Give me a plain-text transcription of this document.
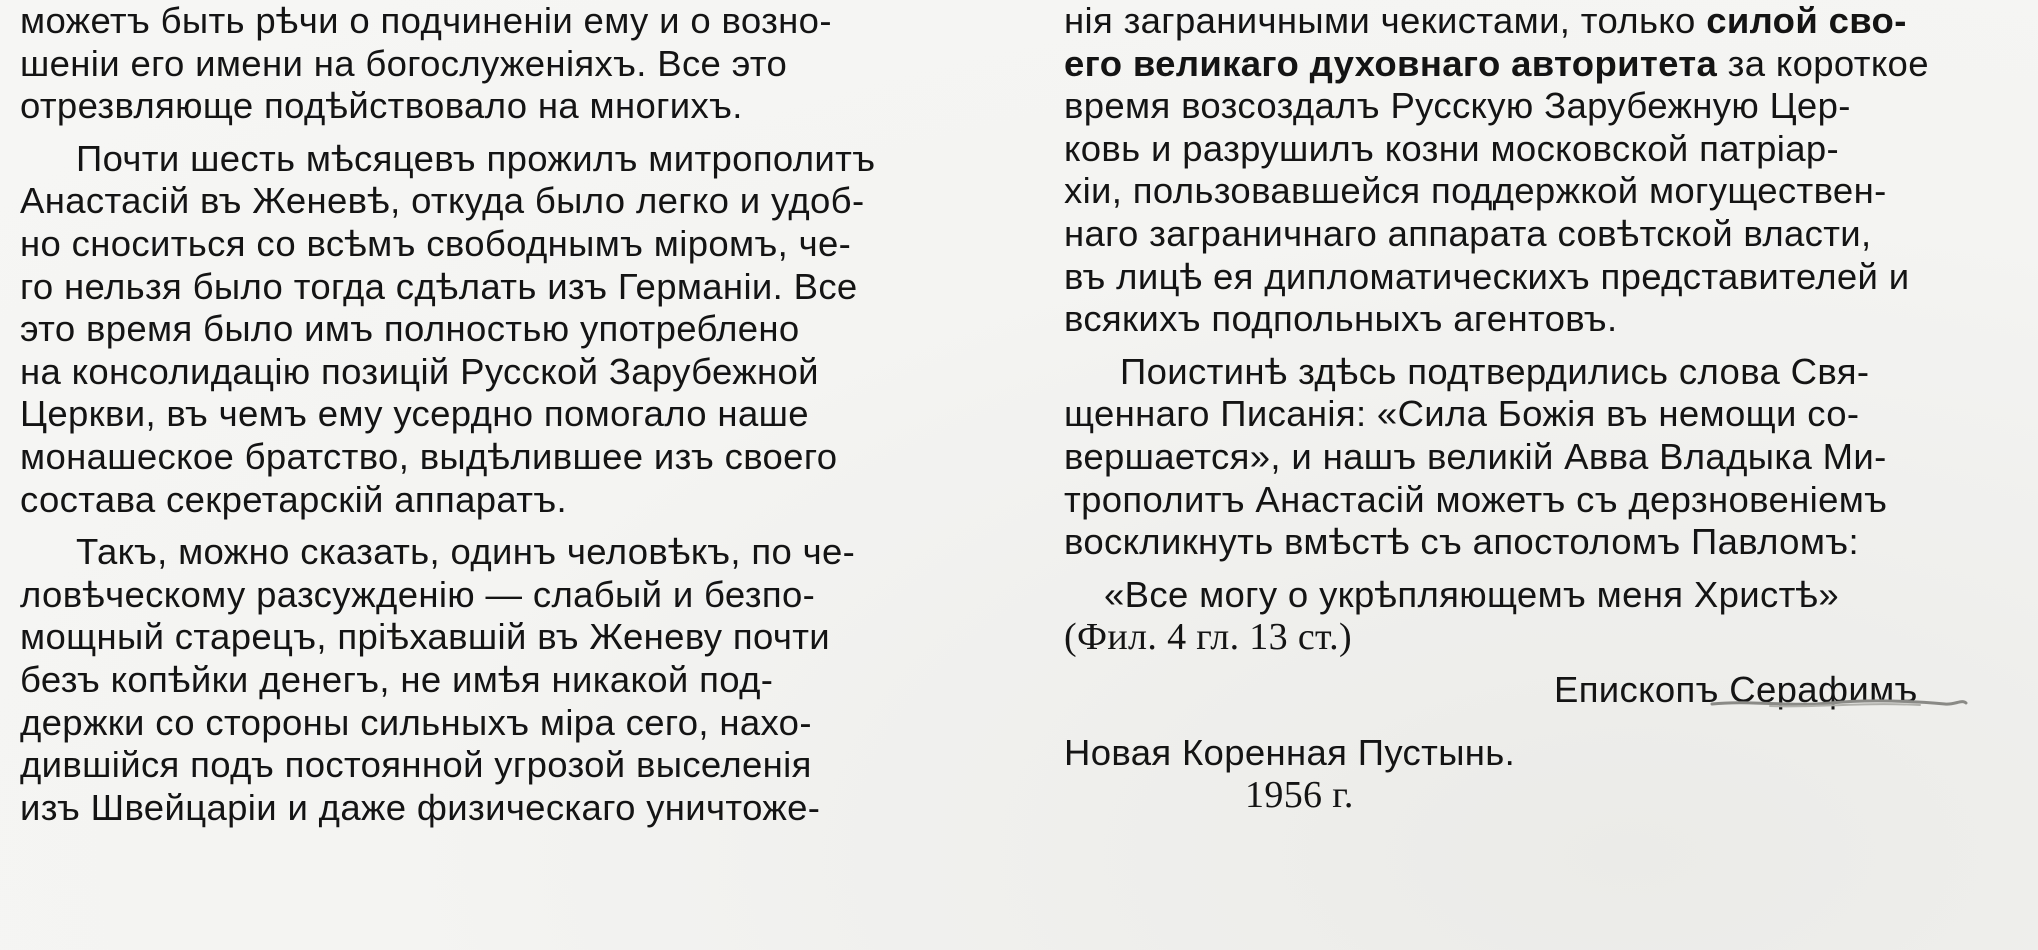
можетъ быть рѣчи о подчиненіи ему и о возно-
шеніи его имени на богослуженіяхъ. Все это
отрезвляюще подѣйствовало на многихъ.
Почти шесть мѣсяцевъ прожилъ митрополитъ
Анастасій въ Женевѣ, откуда было легко и удоб-
но сноситься со всѣмъ свободнымъ міромъ, че-
го нельзя было тогда сдѣлать изъ Германіи. Все
это время было имъ полностью употреблено
на консолидацію позицій Русской Зарубежной
Церкви, въ чемъ ему усердно помогало наше
монашеское братство, выдѣлившее изъ своего
состава секретарскій аппаратъ.
Такъ, можно сказать, одинъ человѣкъ, по че-
ловѣческому разсужденію — слабый и безпо-
мощный старецъ, пріѣхавшій въ Женеву почти
безъ копѣйки денегъ, не имѣя никакой под-
держки со стороны сильныхъ міра сего, нахо-
дившійся подъ постоянной угрозой выселенія
изъ Швейцаріи и даже физическаго уничтоже-
нія заграничными чекистами, только силой сво-
его великаго духовнаго авторитета за короткое
время возсоздалъ Русскую Зарубежную Цер-
ковь и разрушилъ козни московской патріар-
хіи, пользовавшейся поддержкой могуществен-
наго заграничнаго аппарата совѣтской власти,
въ лицѣ ея дипломатическихъ представителей и
всякихъ подпольныхъ агентовъ.
Поистинѣ здѣсь подтвердились слова Свя-
щеннаго Писанія: «Сила Божія въ немощи со-
вершается», и нашъ великій Авва Владыка Ми-
трополитъ Анастасій можетъ съ дерзновеніемъ
воскликнуть вмѣстѣ съ апостоломъ Павломъ:
«Все могу о укрѣпляющемъ меня Христѣ»
(Фил. 4 гл. 13 ст.)
Епископъ Серафимъ
Новая Коренная Пустынь.
1956 г.
